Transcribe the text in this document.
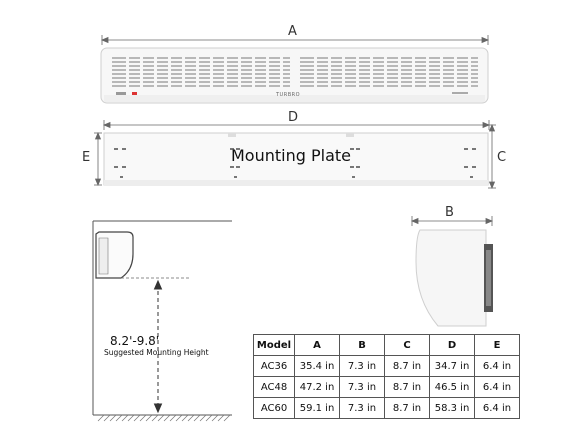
A
D
E	C
B
TURBRO
Mounting Plate
8.2'-9.8'
Suggested Mounting Height
Model	A	B	C	D	E
AC36	35.4 in	7.3 in	8.7 in	34.7 in	6.4 in
AC48	47.2 in	7.3 in	8.7 in	46.5 in	6.4 in
AC60	59.1 in	7.3 in	8.7 in	58.3 in	6.4 in
